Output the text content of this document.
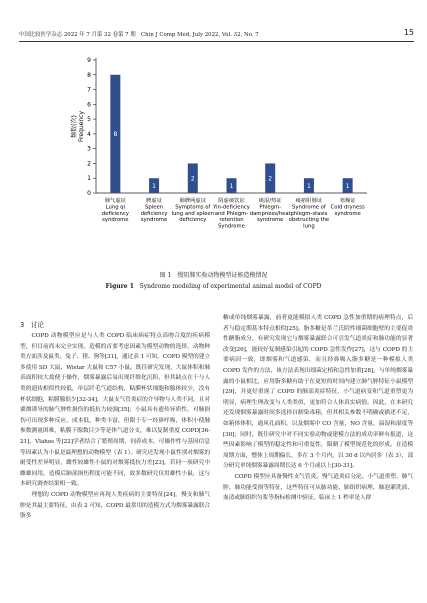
中国比较医学杂志 2022 年 7 月第 32 卷第 7 期　Chin J Comp Med, July 2022, Vol. 32, No. 7	15
0
1
2
3
4
5
6
7
8
9
频数(次)Frequency	8
肺气虚证 Lung qi deficiency syndrome
1
脾虚证 Spleen deficiency syndrome
2
肺脾两虚证 Symptoms of lung and spleen deficiency
1
阴虚痰饮证 Yin-deficiency and Phlegm-retention Syndrome
2
痰湿/热证 Phlegm-dampness/heat syndrome
1
痰瘀阻肺证 Syndrome of phlegm-stasis obstructing the lung
1
寒燥证 Cold dryness syndrome
图 1　慢阻肺实验动物模型证候造模情况
Figure 1 Syndrome modeling of experimental animal model of COPD
3　讨论

COPD 动物模型应是与人类 COPD 临床病症特点高吻合度的疾病模型，但目前尚未完全实现。造模的首要考虑因素为模型动物的选择，动物种类方面涉及鼠类、兔子、猪、狗等[31]，通过表 1 可知，COPD 模型的建立多使用 SD 大鼠、Wistar 大鼠和 C57 小鼠。既往研究发现，大鼠体积和肺表面积较大故便于操作，烟雾暴露后易出现纤维化沉积，但其缺点在于与人类的遗传相似性较低，单层纤毛气道结构，粘膜杯状细胞和腺体较少，没有杯状细胞，粘膜腺很少[32-34]，大鼠支气管炎症的介导物与人类不同，且对粟烟诱导的肺气肿性损伤的抵抗力较强[35]；小鼠具有遗传异质性，对肺损伤可出现多种反应，成本低，种类丰富，但限于专一经鼻呼吸，体积小使肺参数测量困难，粘膜下腺数目少等是体气道分支，难以复制重度 COPD[36-21]。Vlahos 等[22]学者结合了繁殖周期、饲养成本、可操作性与基因信息等因素认为小鼠是最理想的动物模型（表 1）。研究还发现小鼠性别对烟雾的耐受性差异明显，雌性较雄性小鼠的对烟雾抵抗力差[23]，若同一项研究中雌雄同用，造模后肺部损伤程度可能不同，故多数研究仅用雄性小鼠，这与本研究调查结果相一致。

理想的 COPD 动物模型应再现人类疾病的主要特征[24]，慢支和肺气肿是其最主要特征。由表 2 可知，COPD 最常用的造模方式为烟雾暴露联合脂多

糖或单纯烟雾暴露，前者更能模拟人类 COPD 急性加重期的病理特点，后者与稳定期基本特点相似[25]。脂多糖是革兰氏阴性细菌细胞壁的主要促炎性糖脂成分，有研究发现它与烟雾暴露联合可引发气道炎症和肺功能的显著改变[26]，能较好复制感染引起的 COPD 急性发作[27]，这与 COPD 的主要病因一致，即烟雾和气道感染，而且经鼻吸入脂多糖是一种模拟人类 COPD 发作的方法，该方法表现出细菌定植和急性加重[28]。与单纯烟雾暴露的小鼠相比，应用脂多糖有助于在更短的时间内建立肺气肿特征小鼠模型[29]，并更好重现了 COPD 的肺部炎症特征，小气道病变和气道重塑更为明显，病理生理改变与人类类似，更加符合人体真实病情。因此，在本研究还发现烟雾暴露时间多选择自制染毒箱，但其相关参数不明确或描述不足，如箱体体积，通风孔面积，以及烟雾中 CO 含量，NO 含量，温湿和湿度等[30]；同时，既往研究中对不同实验动物或建模方法的成功率鲜有报道，这些因素影响了模型的稳定性和可重复性，限制了模型规范化的形成。在造模周期方面，整体上周期偏长，多在 3 个月内，以 30 d 以内居多（表 3），部分研究单纯烟雾暴露周期长达 6 个月或以上[30-31]。

COPD 模型应具备慢性支气管炎、慢气道炎症分泌、小气道重塑、肺气肿、肺功能受损等特征，这些特征可从肺功能、肺组织病理、肺泡灌洗液、血清或肺组织匀浆等指标检测中验证。临床上 1 秒率是人群
